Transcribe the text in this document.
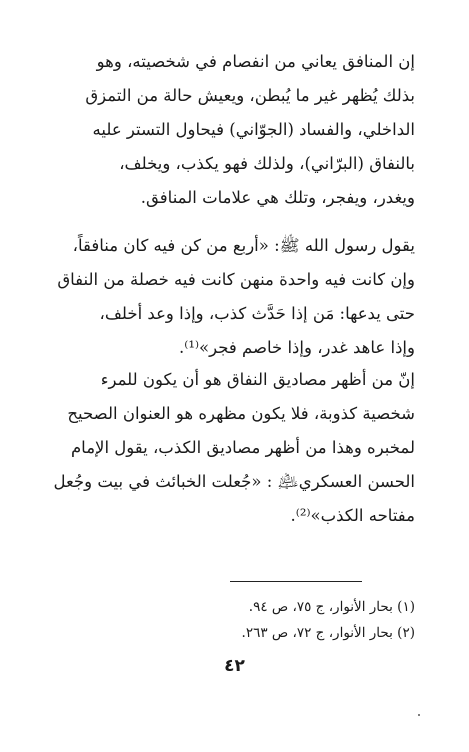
إن المنافق يعاني من انفصام في شخصيته، وهو
بذلك يُظهر غير ما يُبطن، ويعيش حالة من التمزق
الداخلي، والفساد (الجوّاني) فيحاول التستر عليه
بالنفاق (البرّاني)، ولذلك فهو يكذب، ويخلف،
ويغدر، ويفجر، وتلك هي علامات المنافق.
يقول رسول الله ﷺ: «أربع من كن فيه كان منافقاً،
وإن كانت فيه واحدة منهن كانت فيه خصلة من النفاق
حتى يدعها: مَن إذا حَدَّث كذب، وإذا وعد أخلف،
وإذا عاهد غدر، وإذا خاصم فجر»⁽¹⁾.
إنّ من أظهر مصاديق النفاق هو أن يكون للمرء
شخصية كذوبة، فلا يكون مظهره هو العنوان الصحيح
لمخبره وهذا من أظهر مصاديق الكذب، يقول الإمام
الحسن العسكري﵇ : «جُعلت الخبائث في بيت وجُعل
مفتاحه الكذب»⁽²⁾.
(١) بحار الأنوار، ج ٧٥، ص ٩٤.
(٢) بحار الأنوار، ج ٧٢، ص ٢٦٣.
٤٢
